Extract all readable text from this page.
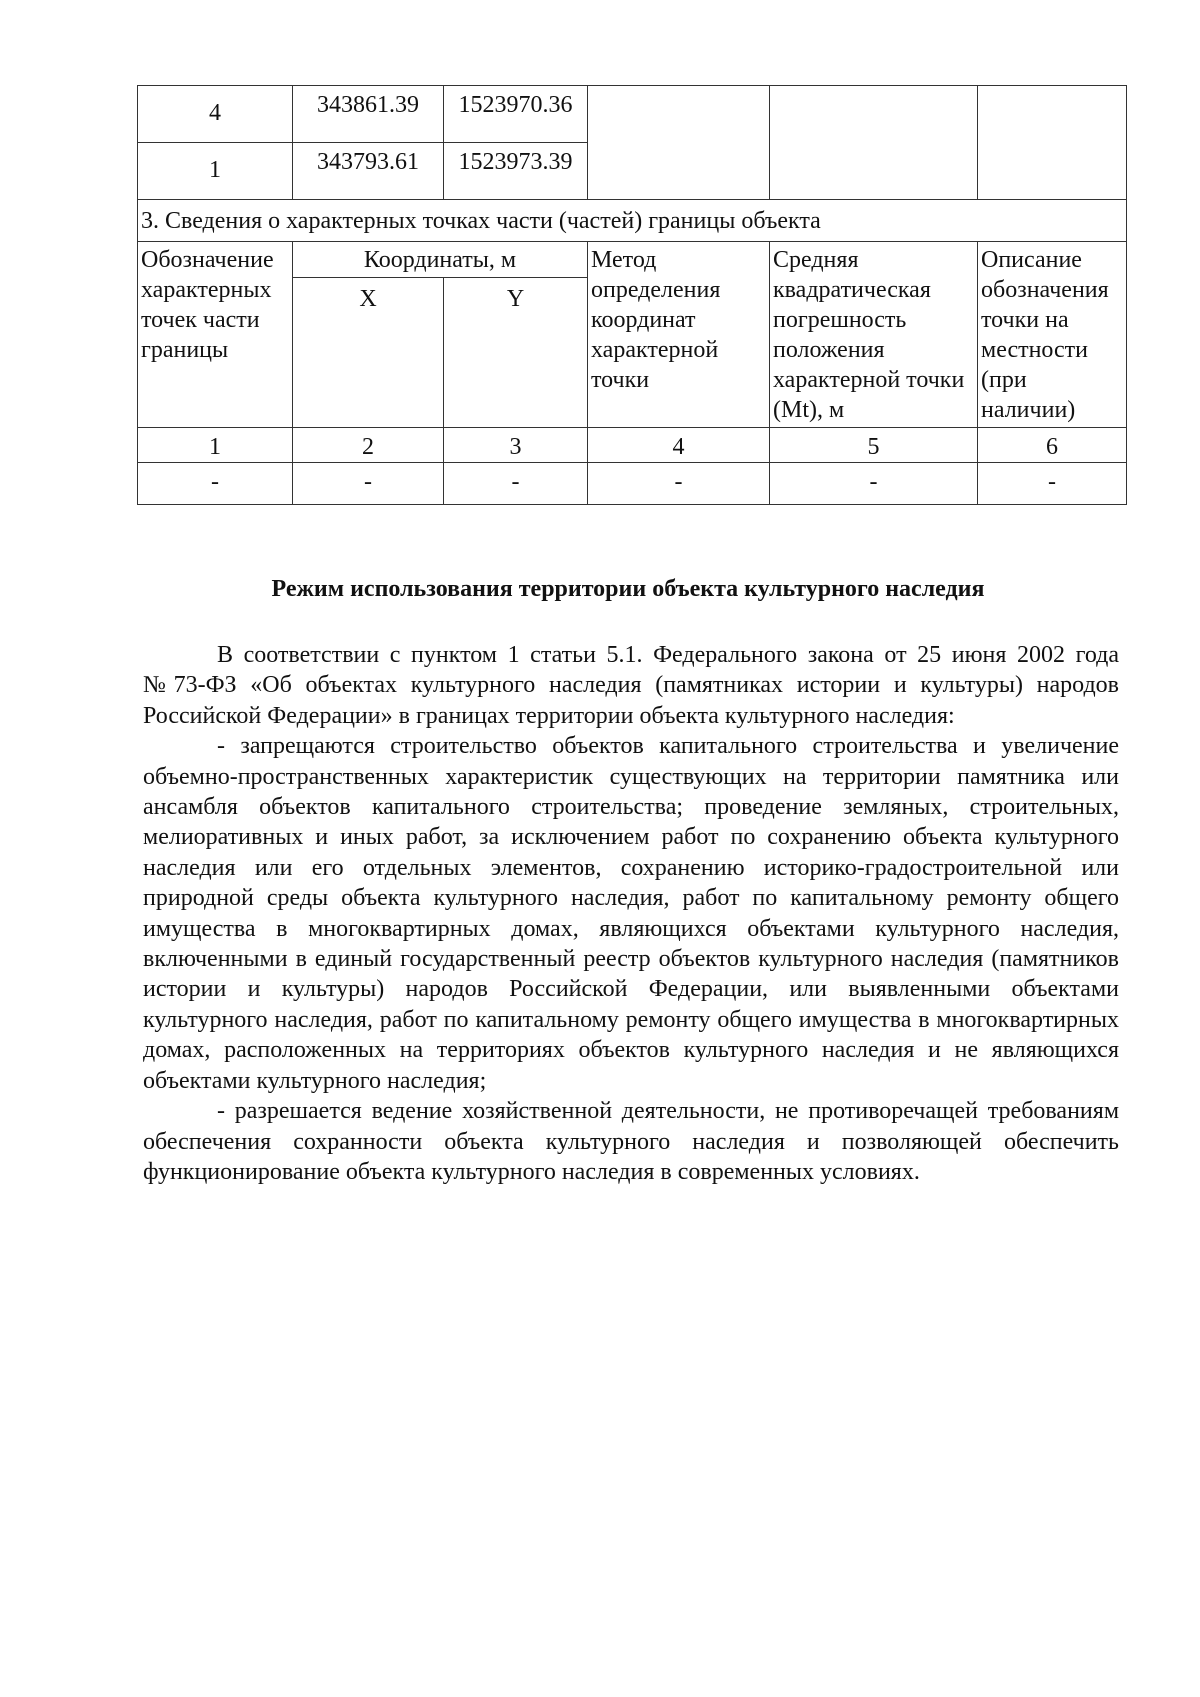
4	343861.39	1523970.36			
1	343793.61	1523973.39			
3. Сведения о характерных точках части (частей) границы объекта					
Обозначение характерных точек части границы	Координаты, м		Метод определения координат характерной точки	Средняя квадратическая погрешность положения характерной точки (Mt), м	Описание обозначения точки на местности (при наличии)
	X	Y			
1	2	3	4	5	6
-	-	-	-	-	-
Режим использования территории объекта культурного наследия

В соответствии с пунктом 1 статьи 5.1. Федерального закона от 25 июня 2002 года №73-ФЗ «Об объектах культурного наследия (памятниках истории и культуры) народов Российской Федерации» в границах территории объекта культурного наследия:

- запрещаются строительство объектов капитального строительства и увеличение объемно-пространственных характеристик существующих на территории памятника или ансамбля объектов капитального строительства; проведение земляных, строительных, мелиоративных и иных работ, за исключением работ по сохранению объекта культурного наследия или его отдельных элементов, сохранению историко-градостроительной или природной среды объекта культурного наследия, работ по капитальному ремонту общего имущества в многоквартирных домах, являющихся объектами культурного наследия, включенными в единый государственный реестр объектов культурного наследия (памятников истории и культуры) народов Российской Федерации, или выявленными объектами культурного наследия, работ по капитальному ремонту общего имущества в многоквартирных домах, расположенных на территориях объектов культурного наследия и не являющихся объектами культурного наследия;

- разрешается ведение хозяйственной деятельности, не противоречащей требованиям обеспечения сохранности объекта культурного наследия и позволяющей обеспечить функционирование объекта культурного наследия в современных условиях.
